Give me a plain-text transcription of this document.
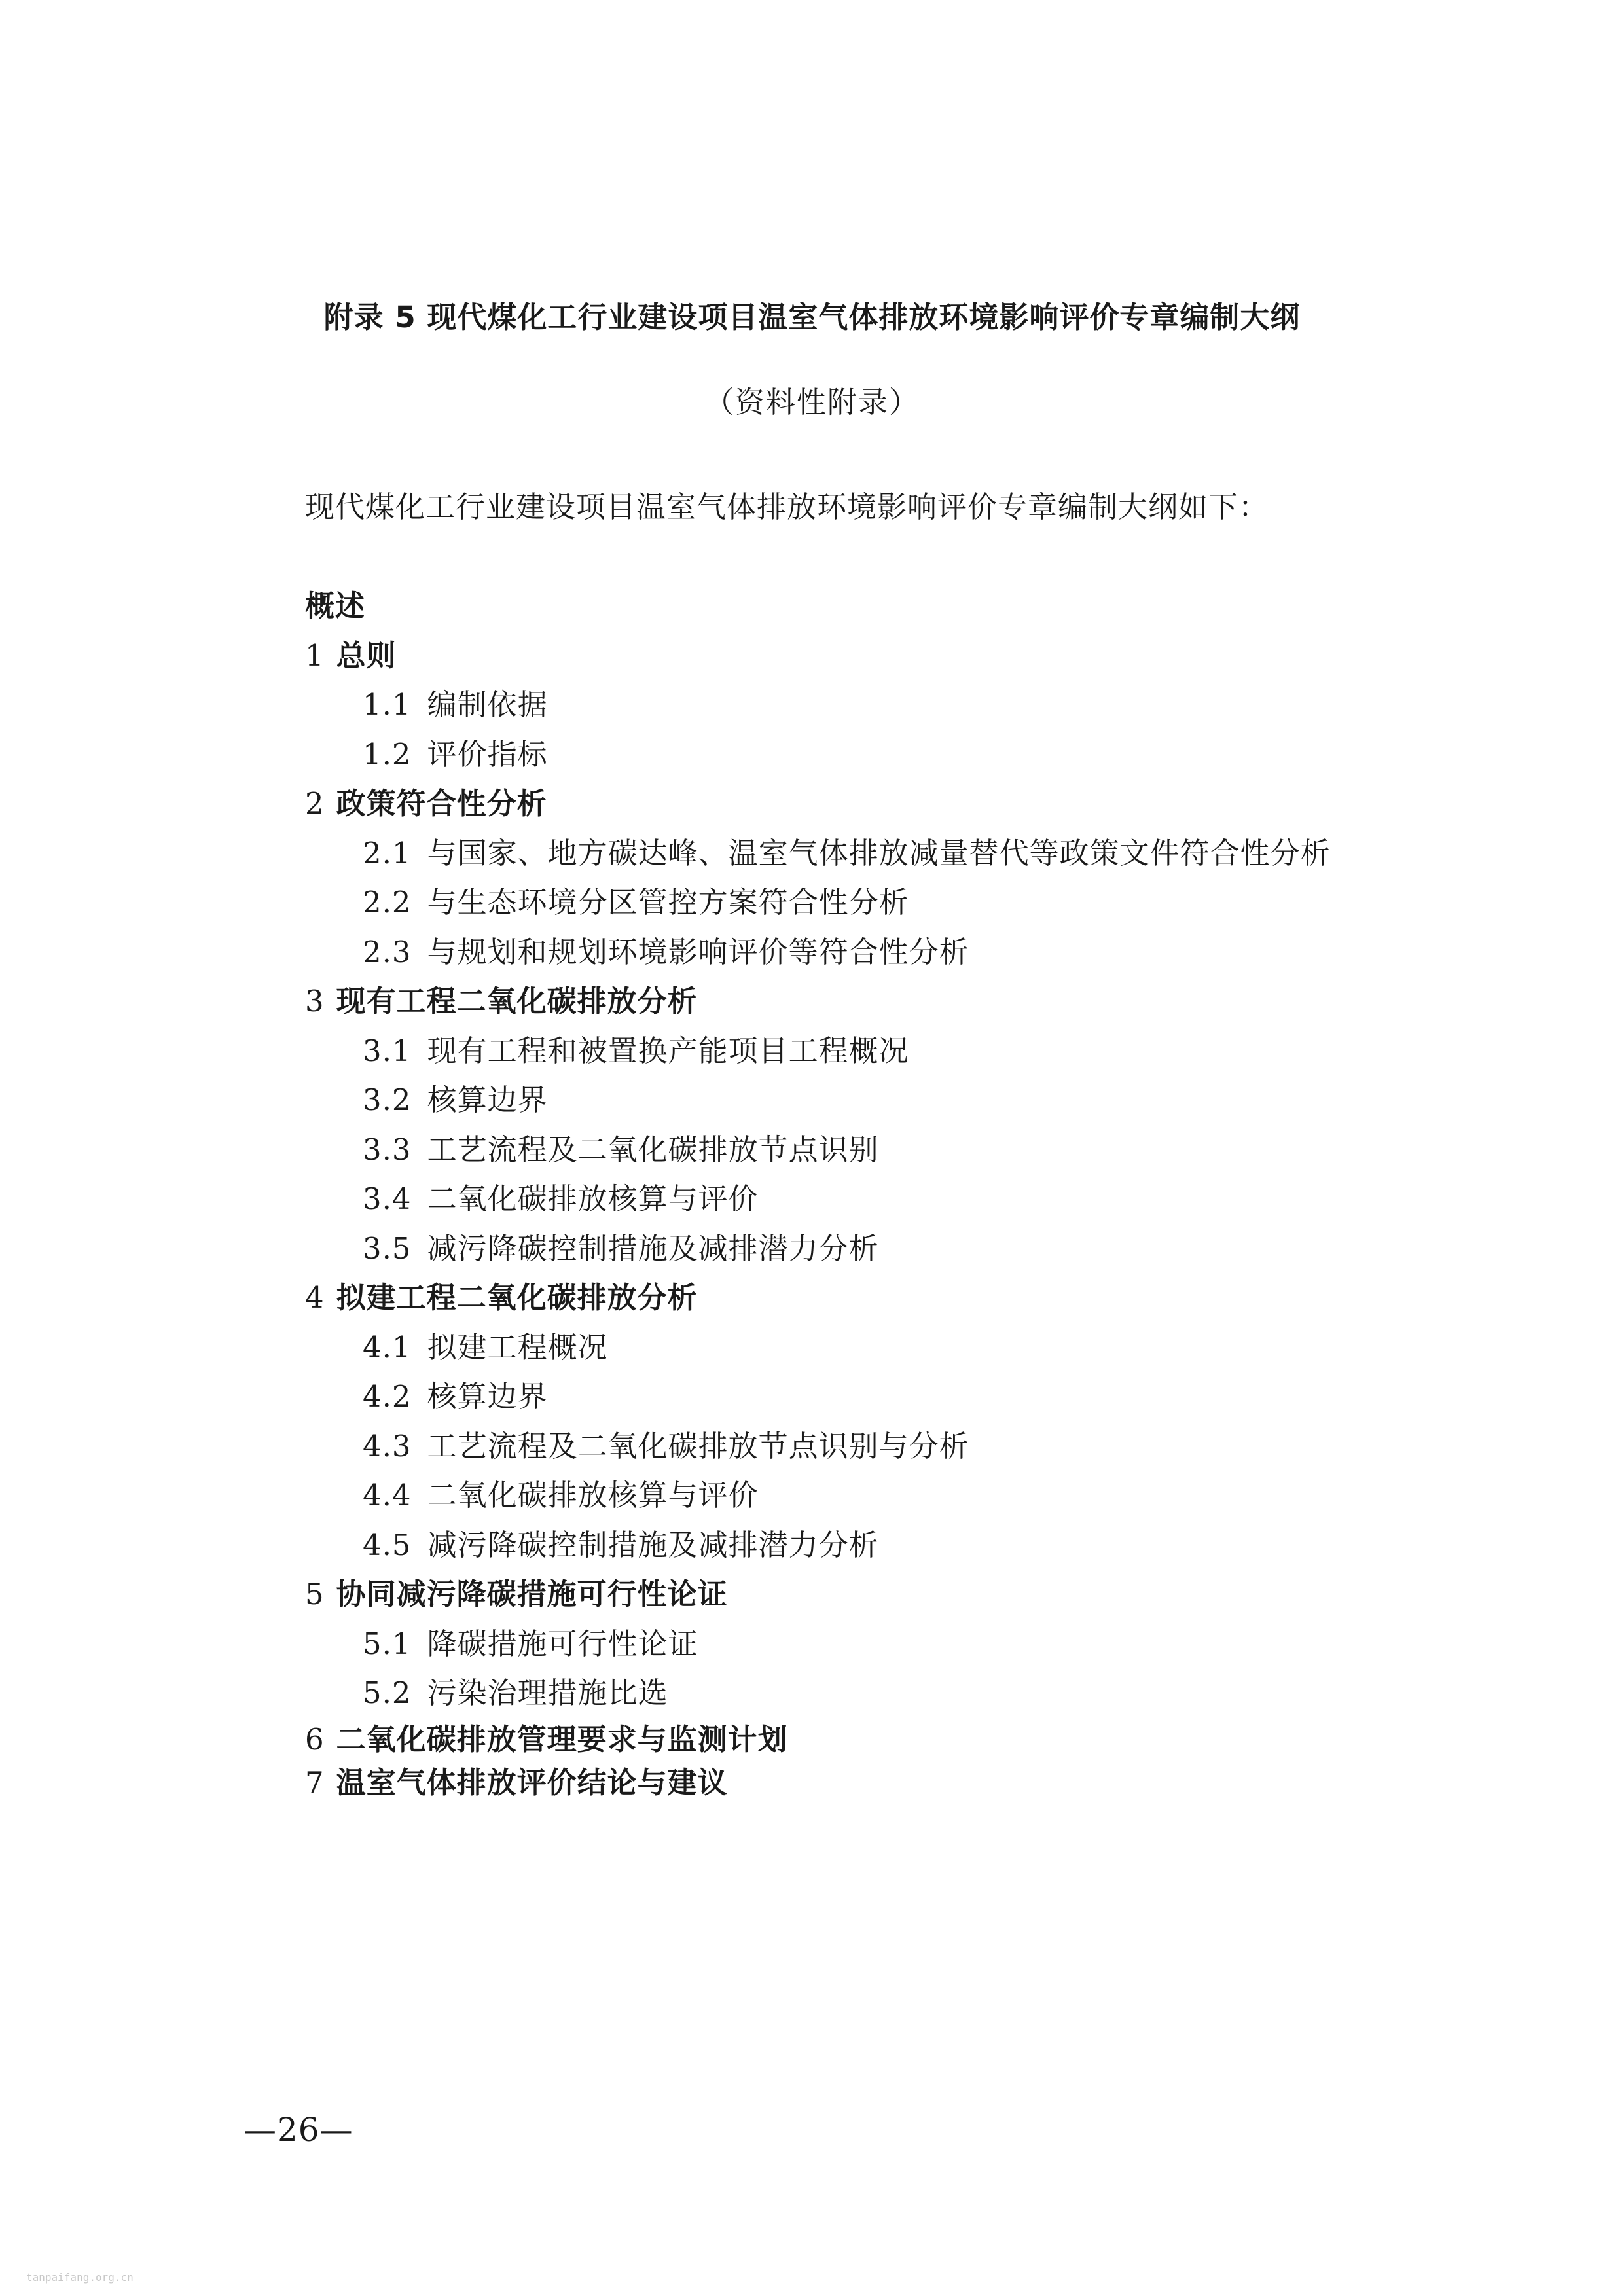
附录 5 现代煤化工行业建设项目温室气体排放环境影响评价专章编制大纲
（资料性附录）
现代煤化工行业建设项目温室气体排放环境影响评价专章编制大纲如下：
概述
1 总则
1.1 编制依据
1.2 评价指标
2 政策符合性分析
2.1 与国家、地方碳达峰、温室气体排放减量替代等政策文件符合性分析
2.2 与生态环境分区管控方案符合性分析
2.3 与规划和规划环境影响评价等符合性分析
3 现有工程二氧化碳排放分析
3.1 现有工程和被置换产能项目工程概况
3.2 核算边界
3.3 工艺流程及二氧化碳排放节点识别
3.4 二氧化碳排放核算与评价
3.5 减污降碳控制措施及减排潜力分析
4 拟建工程二氧化碳排放分析
4.1 拟建工程概况
4.2 核算边界
4.3 工艺流程及二氧化碳排放节点识别与分析
4.4 二氧化碳排放核算与评价
4.5 减污降碳控制措施及减排潜力分析
5 协同减污降碳措施可行性论证
5.1 降碳措施可行性论证
5.2 污染治理措施比选
6 二氧化碳排放管理要求与监测计划
7 温室气体排放评价结论与建议
—26—
tanpaifang.org.cn
